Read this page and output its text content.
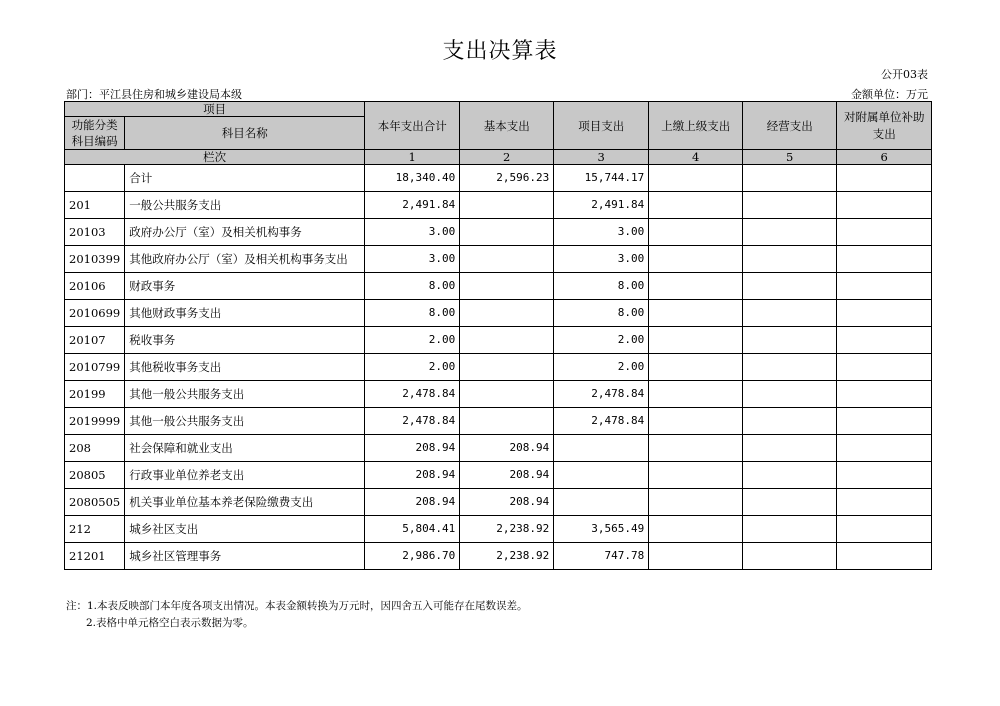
支出决算表
公开03表
部门：平江县住房和城乡建设局本级	金额单位：万元
项目		本年支出合计	基本支出	项目支出	上缴上级支出	经营支出	对附属单位补助支出
功能分类科目编码	科目名称						
栏次		1	2	3	4	5	6
	合计	18,340.40	2,596.23	15,744.17			
201	一般公共服务支出	2,491.84		2,491.84			
20103	政府办公厅（室）及相关机构事务	3.00		3.00			
2010399	其他政府办公厅（室）及相关机构事务支出	3.00		3.00			
20106	财政事务	8.00		8.00			
2010699	其他财政事务支出	8.00		8.00			
20107	税收事务	2.00		2.00			
2010799	其他税收事务支出	2.00		2.00			
20199	其他一般公共服务支出	2,478.84		2,478.84			
2019999	其他一般公共服务支出	2,478.84		2,478.84			
208	社会保障和就业支出	208.94	208.94				
20805	行政事业单位养老支出	208.94	208.94				
2080505	机关事业单位基本养老保险缴费支出	208.94	208.94				
212	城乡社区支出	5,804.41	2,238.92	3,565.49			
21201	城乡社区管理事务	2,986.70	2,238.92	747.78			
注：1.本表反映部门本年度各项支出情况。本表金额转换为万元时，因四舍五入可能存在尾数误差。
2.表格中单元格空白表示数据为零。
